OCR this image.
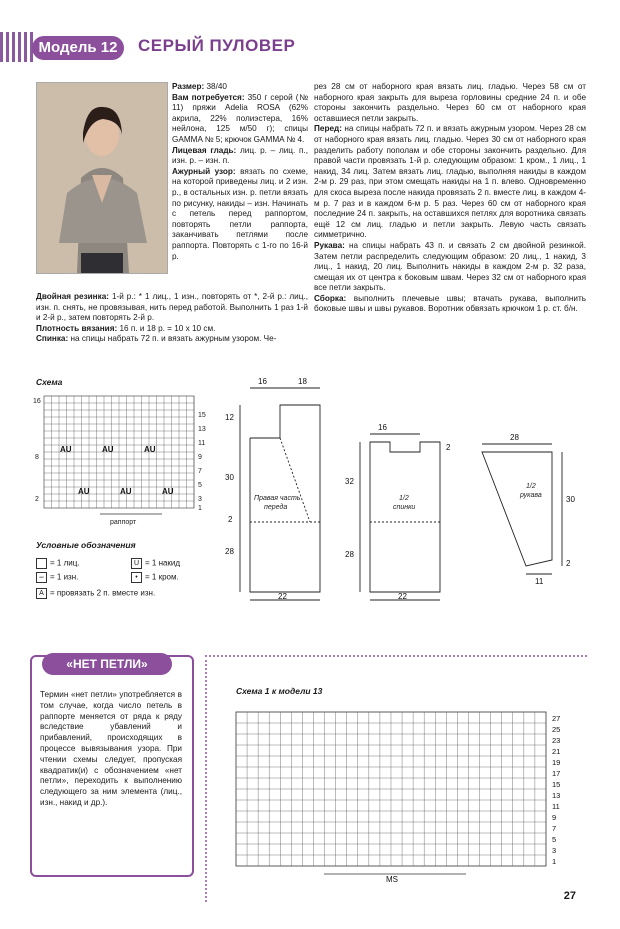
Модель 12	СЕРЫЙ ПУЛОВЕР
Размер: 38/40
Вам потребуется: 350 г серой (№ 11) пряжи Adelia ROSA (62% акрила, 22% полиэстера, 16% нейлона, 125 м/50 г); спицы GAMMA № 5; крючок GAMMA № 4.
Лицевая гладь: лиц. р. – лиц. п., изн. р. – изн. п.
Ажурный узор: вязать по схеме, на которой приведены лиц. и 2 изн. р., в остальных изн. р. петли вязать по рисунку, накиды – изн. Начинать с петель перед раппортом, повторять петли раппорта, заканчивать петлями после раппорта. Повторять с 1-го по 16-й р.
Двойная резинка: 1-й р.: * 1 лиц., 1 изн., повторять от *, 2-й р.: лиц., изн. п. снять, не провязывая, нить перед работой. Выполнить 1 раз 1-й и 2-й р., затем повторять 2-й р.
Плотность вязания: 16 п. и 18 р. = 10 х 10 см.
Спинка: на спицы набрать 72 п. и вязать ажурным узором. Че-
рез 28 см от наборного края вязать лиц. гладью. Через 58 см от наборного края закрыть для выреза горловины средние 24 п. и обе стороны закончить раздельно. Через 60 см от наборного края оставшиеся петли закрыть.
Перед: на спицы набрать 72 п. и вязать ажурным узором. Через 28 см от наборного края вязать лиц. гладью. Через 30 см от наборного края разделить работу пополам и обе стороны закончить раздельно. Для правой части провязать 1-й р. следующим образом: 1 кром., 1 лиц., 1 накид, 34 лиц. Затем вязать лиц. гладью, выполняя накиды в каждом 2-м р. 29 раз, при этом смещать накиды на 1 п. влево. Одновременно для скоса выреза после накида провязать 2 п. вместе лиц. в каждом 4-м р. 7 раз и в каждом 6-м р. 5 раз. Через 60 см от наборного края последние 24 п. закрыть, на оставшихся петлях для воротника связать ещё 12 см лиц. гладью и петли закрыть. Левую часть связать симметрично.
Рукава: на спицы набрать 43 п. и связать 2 см двойной резинкой. Затем петли распределить следующим образом: 20 лиц., 1 накид, 3 лиц., 1 накид, 20 лиц. Выполнить накиды в каждом 2-м р. 32 раза, смещая их от центра к боковым швам. Через 32 см от наборного края все петли закрыть.
Сборка: выполнить плечевые швы; втачать рукава, выполнить боковые швы и швы рукавов. Воротник обвязать крючком 1 р. ст. б/н.
Схема
16
8
2
15
13
11
9
7
5
3
1
AU	AU	AU
AU	AU	AU
раппорт
Условные обозначения
= 1 лиц.	U = 1 накид
− = 1 изн.	• = 1 кром.
A = провязать 2 п. вместе изн.
16	18
12
30
2
28
22
16
2
32
28
22
28
30
2
11
Правая часть
переда
1/2
спинки
1/2
рукава
«НЕТ ПЕТЛИ»
Термин «нет петли» употребляется в том случае, когда число петель в раппорте меняется от ряда к ряду вследствие убавлений и прибавлений, происходящих в процессе вывязывания узора. При чтении схемы следует, пропуская квадратик(и) с обозначением «нет петли», переходить к выполнению следующего за ним элемента (лиц., изн., накид и др.).
Схема 1 к модели 13
27
25
23
21
19
17
15
13
11
9
7
5
3
1
MS
27
